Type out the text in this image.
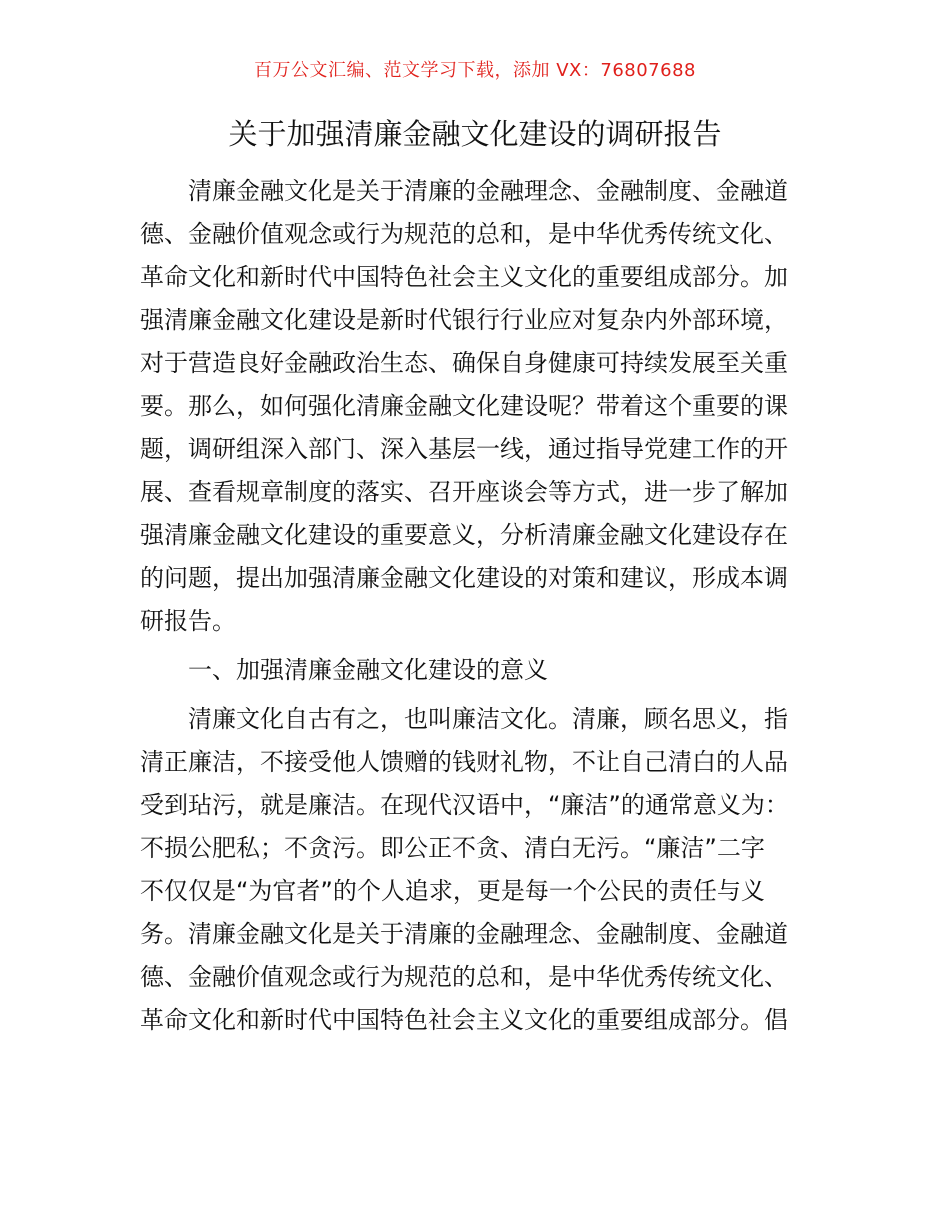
百万公文汇编、范文学习下载，添加 VX：76807688
关于加强清廉金融文化建设的调研报告

清廉金融文化是关于清廉的金融理念、金融制度、金融道
德、金融价值观念或行为规范的总和，是中华优秀传统文化、
革命文化和新时代中国特色社会主义文化的重要组成部分。加
强清廉金融文化建设是新时代银行行业应对复杂内外部环境，
对于营造良好金融政治生态、确保自身健康可持续发展至关重
要。那么，如何强化清廉金融文化建设呢？带着这个重要的课
题，调研组深入部门、深入基层一线，通过指导党建工作的开
展、查看规章制度的落实、召开座谈会等方式，进一步了解加
强清廉金融文化建设的重要意义，分析清廉金融文化建设存在
的问题，提出加强清廉金融文化建设的对策和建议，形成本调
研报告。

一、加强清廉金融文化建设的意义

清廉文化自古有之，也叫廉洁文化。清廉，顾名思义，指
清正廉洁，不接受他人馈赠的钱财礼物，不让自己清白的人品
受到玷污，就是廉洁。在现代汉语中，“廉洁”的通常意义为：
不损公肥私；不贪污。即公正不贪、清白无污。“廉洁”二字
不仅仅是“为官者”的个人追求，更是每一个公民的责任与义
务。清廉金融文化是关于清廉的金融理念、金融制度、金融道
德、金融价值观念或行为规范的总和，是中华优秀传统文化、
革命文化和新时代中国特色社会主义文化的重要组成部分。倡
